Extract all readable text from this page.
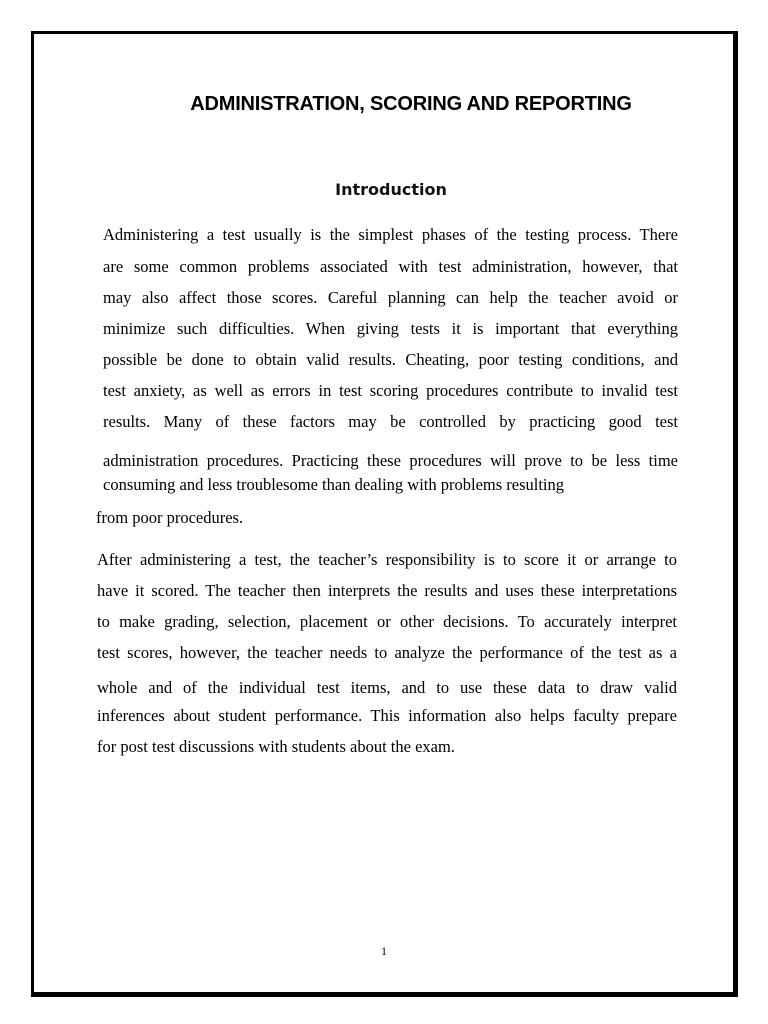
ADMINISTRATION, SCORING AND REPORTING
Introduction
Administering a test usually is the simplest phases of the testing process. There
are some common problems associated with test administration, however, that
may also affect those scores. Careful planning can help the teacher avoid or
minimize such difficulties. When giving tests it is important that everything
possible be done to obtain valid results. Cheating, poor testing conditions, and
test anxiety, as well as errors in test scoring procedures contribute to invalid test
results. Many of these factors may be controlled by practicing good test
administration procedures. Practicing these procedures will prove to be less time
consuming and less troublesome than dealing with problems resulting
from poor procedures.
After administering a test, the teacher’s responsibility is to score it or arrange to
have it scored. The teacher then interprets the results and uses these interpretations
to make grading, selection, placement or other decisions. To accurately interpret
test scores, however, the teacher needs to analyze the performance of the test as a
whole and of the individual test items, and to use these data to draw valid
inferences about student performance. This information also helps faculty prepare
for post test discussions with students about the exam.
1
